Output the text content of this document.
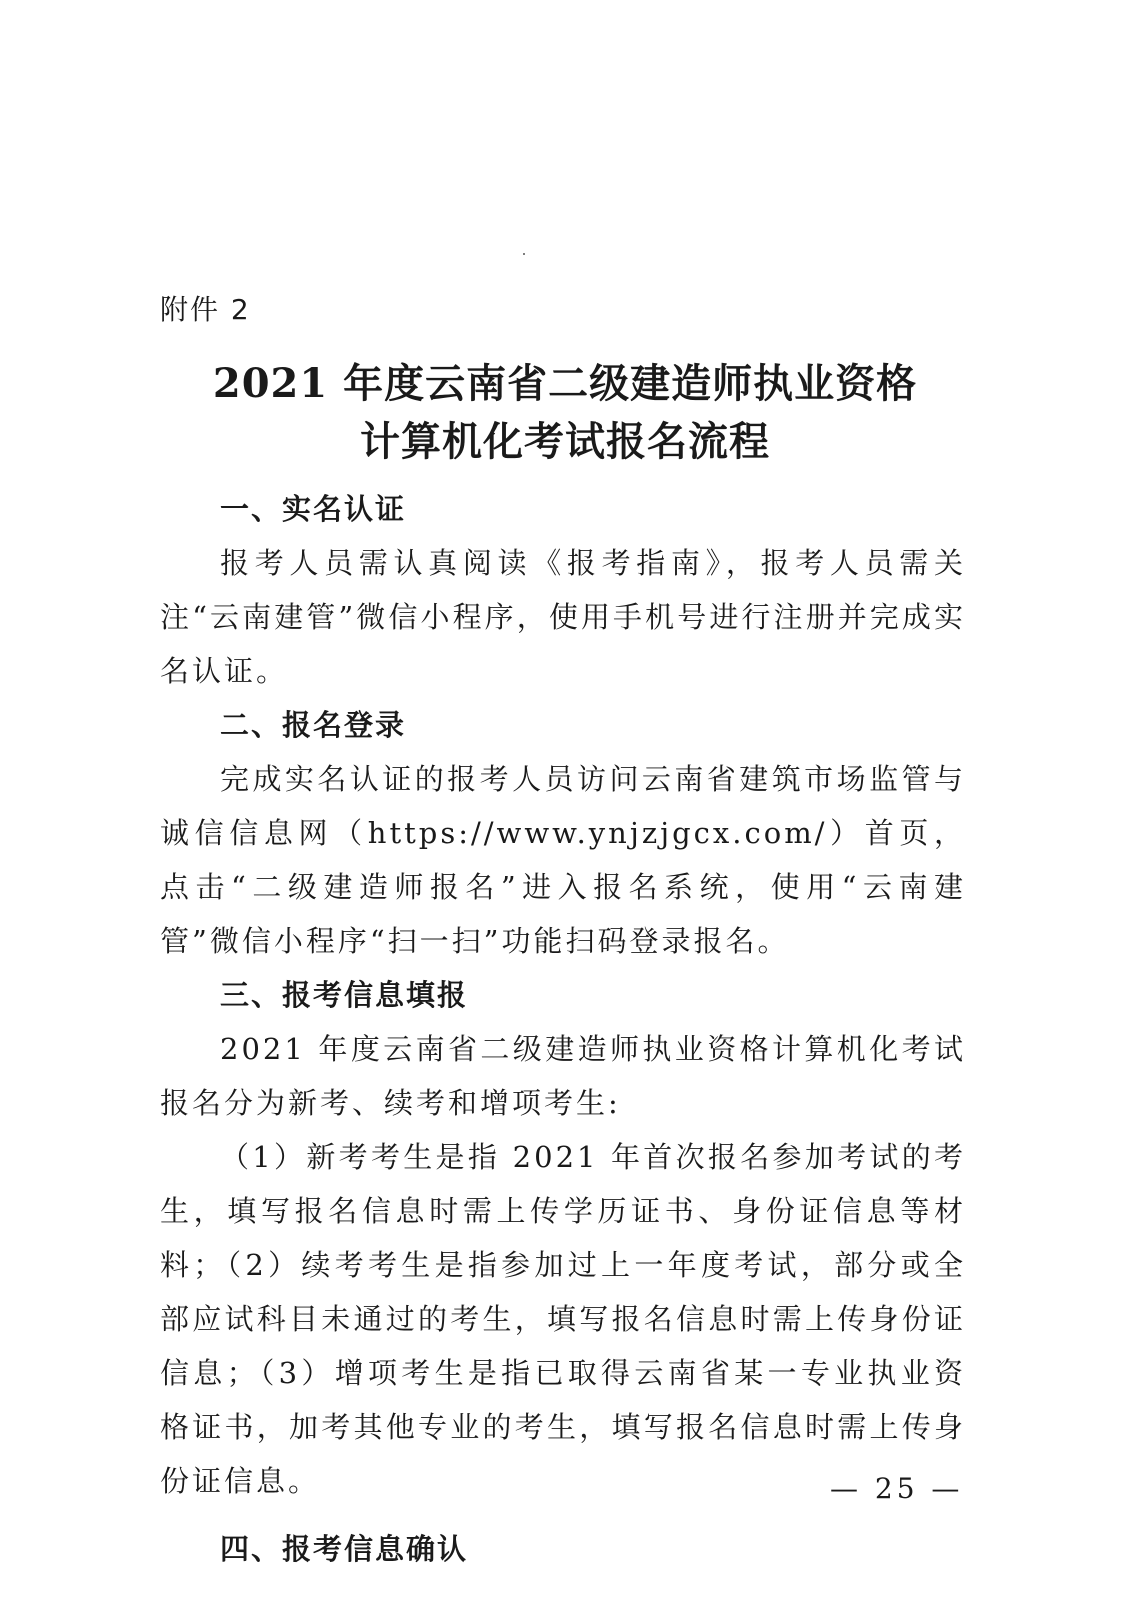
附件 2
2021 年度云南省二级建造师执业资格
计算机化考试报名流程
一、实名认证

报考人员需认真阅读《报考指南》，报考人员需关注“云南建管”微信小程序，使用手机号进行注册并完成实名认证。

二、报名登录

完成实名认证的报考人员访问云南省建筑市场监管与诚信信息网（https://www.ynjzjgcx.com/）首页，点击“二级建造师报名”进入报名系统，使用“云南建管”微信小程序“扫一扫”功能扫码登录报名。

三、报考信息填报

2021 年度云南省二级建造师执业资格计算机化考试报名分为新考、续考和增项考生:

（1）新考考生是指 2021 年首次报名参加考试的考生，填写报名信息时需上传学历证书、身份证信息等材料；（2）续考考生是指参加过上一年度考试，部分或全部应试科目未通过的考生，填写报名信息时需上传身份证信息；（3）增项考生是指已取得云南省某一专业执业资格证书，加考其他专业的考生，填写报名信息时需上传身份证信息。

四、报考信息确认
— 25 —
